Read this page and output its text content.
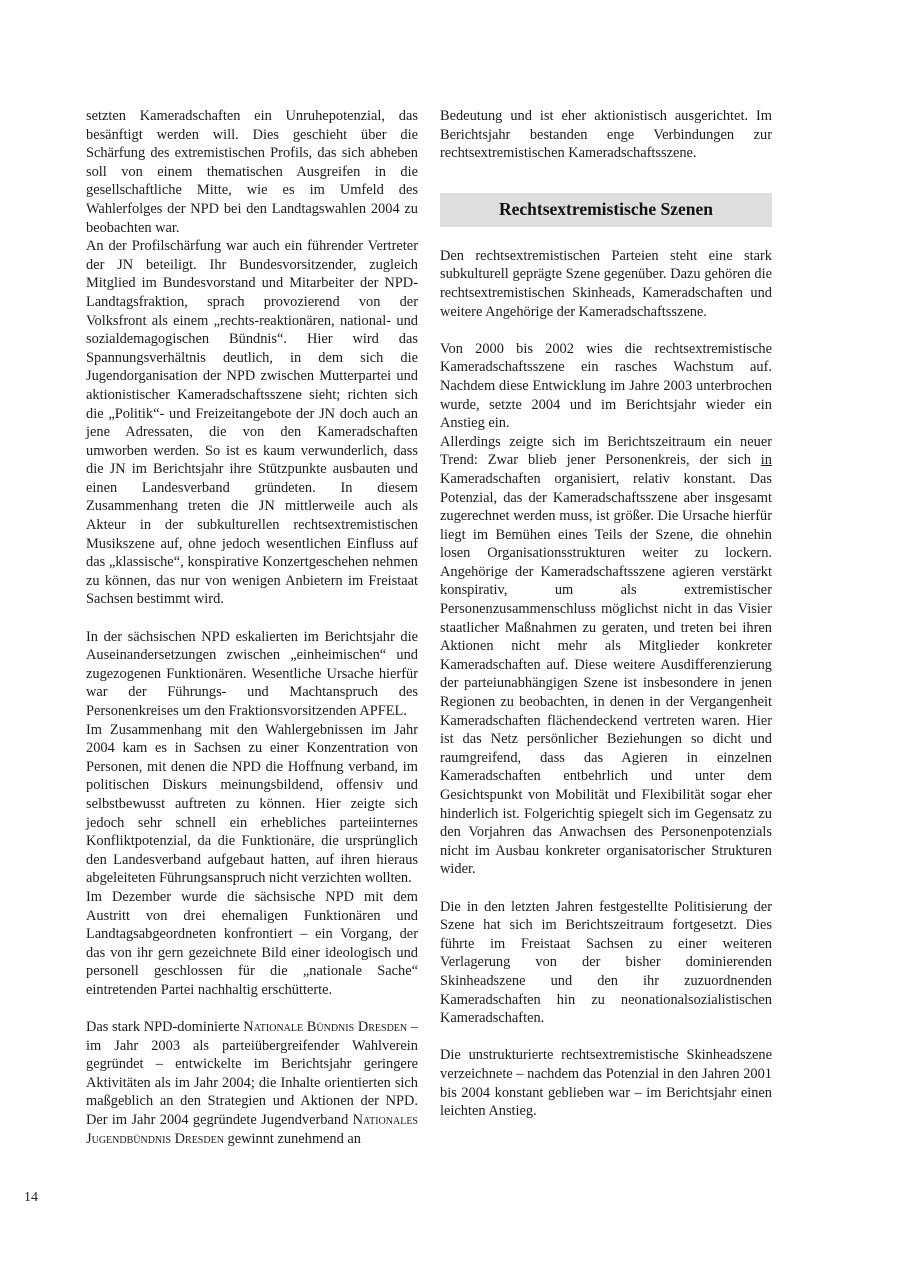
setzten Kameradschaften ein Unruhepotenzial, das besänftigt werden will. Dies geschieht über die Schärfung des extremistischen Profils, das sich abheben soll von einem thematischen Ausgreifen in die gesellschaftliche Mitte, wie es im Umfeld des Wahlerfolges der NPD bei den Landtagswahlen 2004 zu beobachten war.

An der Profilschärfung war auch ein führender Vertreter der JN beteiligt. Ihr Bundesvorsitzender, zugleich Mitglied im Bundesvorstand und Mitarbeiter der NPD-Landtagsfraktion, sprach provozierend von der Volksfront als einem „rechts-reaktionären, national- und sozialdemagogischen Bündnis“. Hier wird das Spannungsverhältnis deutlich, in dem sich die Jugendorganisation der NPD zwischen Mutterpartei und aktionistischer Kameradschaftsszene sieht; richten sich die „Politik“- und Freizeitangebote der JN doch auch an jene Adressaten, die von den Kameradschaften umworben werden. So ist es kaum verwunderlich, dass die JN im Berichtsjahr ihre Stützpunkte ausbauten und einen Landesverband gründeten. In diesem Zusammenhang treten die JN mittlerweile auch als Akteur in der subkulturellen rechtsextremistischen Musikszene auf, ohne jedoch wesentlichen Einfluss auf das „klassische“, konspirative Konzertgeschehen nehmen zu können, das nur von wenigen Anbietern im Freistaat Sachsen bestimmt wird.

In der sächsischen NPD eskalierten im Berichtsjahr die Auseinandersetzungen zwischen „einheimischen“ und zugezogenen Funktionären. Wesentliche Ursache hierfür war der Führungs- und Machtanspruch des Personenkreises um den Fraktionsvorsitzenden APFEL.

Im Zusammenhang mit den Wahlergebnissen im Jahr 2004 kam es in Sachsen zu einer Konzentration von Personen, mit denen die NPD die Hoffnung verband, im politischen Diskurs meinungsbildend, offensiv und selbstbewusst auftreten zu können. Hier zeigte sich jedoch sehr schnell ein erhebliches parteiinternes Konfliktpotenzial, da die Funktionäre, die ursprünglich den Landesverband aufgebaut hatten, auf ihren hieraus abgeleiteten Führungsanspruch nicht verzichten wollten.

Im Dezember wurde die sächsische NPD mit dem Austritt von drei ehemaligen Funktionären und Landtagsabgeordneten konfrontiert – ein Vorgang, der das von ihr gern gezeichnete Bild einer ideologisch und personell geschlossen für die „nationale Sache“ eintretenden Partei nachhaltig erschütterte.

Das stark NPD-dominierte Nationale Bündnis Dresden – im Jahr 2003 als parteiübergreifender Wahlverein gegründet – entwickelte im Berichtsjahr geringere Aktivitäten als im Jahr 2004; die Inhalte orientierten sich maßgeblich an den Strategien und Aktionen der NPD. Der im Jahr 2004 gegründete Jugendverband Nationales Jugendbündnis Dresden gewinnt zunehmend an

Bedeutung und ist eher aktionistisch ausgerichtet. Im Berichtsjahr bestanden enge Verbindungen zur rechtsextremistischen Kameradschaftsszene.

Rechtsextremistische Szenen

Den rechtsextremistischen Parteien steht eine stark subkulturell geprägte Szene gegenüber. Dazu gehören die rechtsextremistischen Skinheads, Kameradschaften und weitere Angehörige der Kameradschaftsszene.

Von 2000 bis 2002 wies die rechtsextremistische Kameradschaftsszene ein rasches Wachstum auf. Nachdem diese Entwicklung im Jahre 2003 unterbrochen wurde, setzte 2004 und im Berichtsjahr wieder ein Anstieg ein.

Allerdings zeigte sich im Berichtszeitraum ein neuer Trend: Zwar blieb jener Personenkreis, der sich in Kameradschaften organisiert, relativ konstant. Das Potenzial, das der Kameradschaftsszene aber insgesamt zugerechnet werden muss, ist größer. Die Ursache hierfür liegt im Bemühen eines Teils der Szene, die ohnehin losen Organisationsstrukturen weiter zu lockern. Angehörige der Kameradschaftsszene agieren verstärkt konspirativ, um als extremistischer Personenzusammenschluss möglichst nicht in das Visier staatlicher Maßnahmen zu geraten, und treten bei ihren Aktionen nicht mehr als Mitglieder konkreter Kameradschaften auf. Diese weitere Ausdifferenzierung der parteiunabhängigen Szene ist insbesondere in jenen Regionen zu beobachten, in denen in der Vergangenheit Kameradschaften flächendeckend vertreten waren. Hier ist das Netz persönlicher Beziehungen so dicht und raumgreifend, dass das Agieren in einzelnen Kameradschaften entbehrlich und unter dem Gesichtspunkt von Mobilität und Flexibilität sogar eher hinderlich ist. Folgerichtig spiegelt sich im Gegensatz zu den Vorjahren das Anwachsen des Personenpotenzials nicht im Ausbau konkreter organisatorischer Strukturen wider.

Die in den letzten Jahren festgestellte Politisierung der Szene hat sich im Berichtszeitraum fortgesetzt. Dies führte im Freistaat Sachsen zu einer weiteren Verlagerung von der bisher dominierenden Skinheadszene und den ihr zuzuordnenden Kameradschaften hin zu neonationalsozialistischen Kameradschaften.

Die unstrukturierte rechtsextremistische Skinheadszene verzeichnete – nachdem das Potenzial in den Jahren 2001 bis 2004 konstant geblieben war – im Berichtsjahr einen leichten Anstieg.

14
